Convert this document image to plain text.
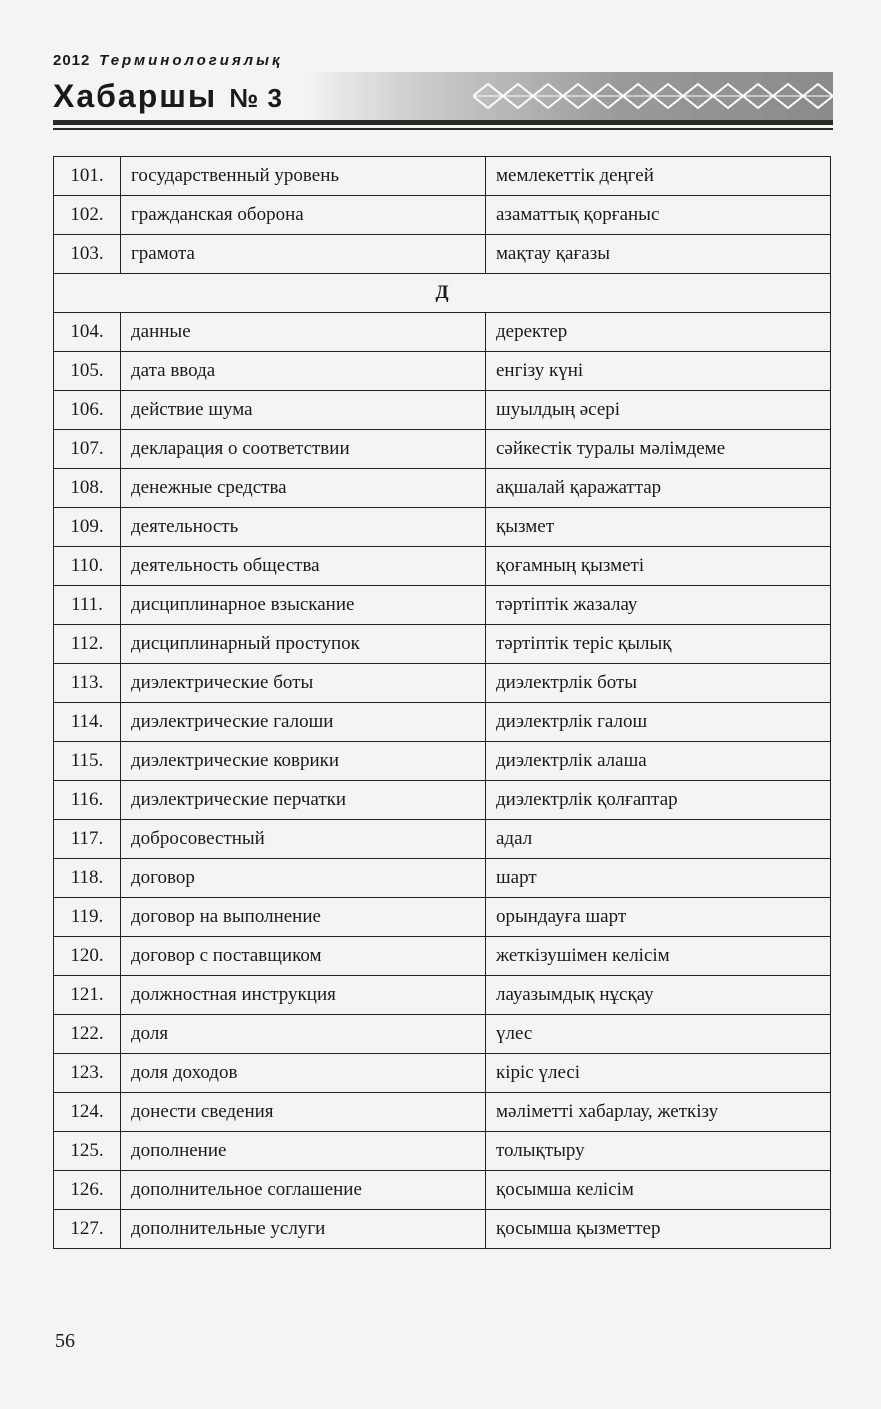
2012 Терминологиялық
Хабаршы № 3
101.	государственный уровень	мемлекеттік деңгей
102.	гражданская оборона	азаматтық қорғаныс
103.	грамота	мақтау қағазы
Д		
104.	данные	деректер
105.	дата ввода	енгізу күні
106.	действие шума	шуылдың әсері
107.	декларация о соответствии	сәйкестік туралы мәлімдеме
108.	денежные средства	ақшалай қаражаттар
109.	деятельность	қызмет
110.	деятельность общества	қоғамның қызметі
111.	дисциплинарное взыскание	тәртіптік жазалау
112.	дисциплинарный проступок	тәртіптік теріс қылық
113.	диэлектрические боты	диэлектрлік боты
114.	диэлектрические галоши	диэлектрлік галош
115.	диэлектрические коврики	диэлектрлік алаша
116.	диэлектрические перчатки	диэлектрлік қолғаптар
117.	добросовестный	адал
118.	договор	шарт
119.	договор на выполнение	орындауға шарт
120.	договор с поставщиком	жеткізушімен келісім
121.	должностная инструкция	лауазымдық нұсқау
122.	доля	үлес
123.	доля доходов	кіріс үлесі
124.	донести сведения	мәліметті хабарлау, жеткізу
125.	дополнение	толықтыру
126.	дополнительное соглашение	қосымша келісім
127.	дополнительные услуги	қосымша қызметтер
56
